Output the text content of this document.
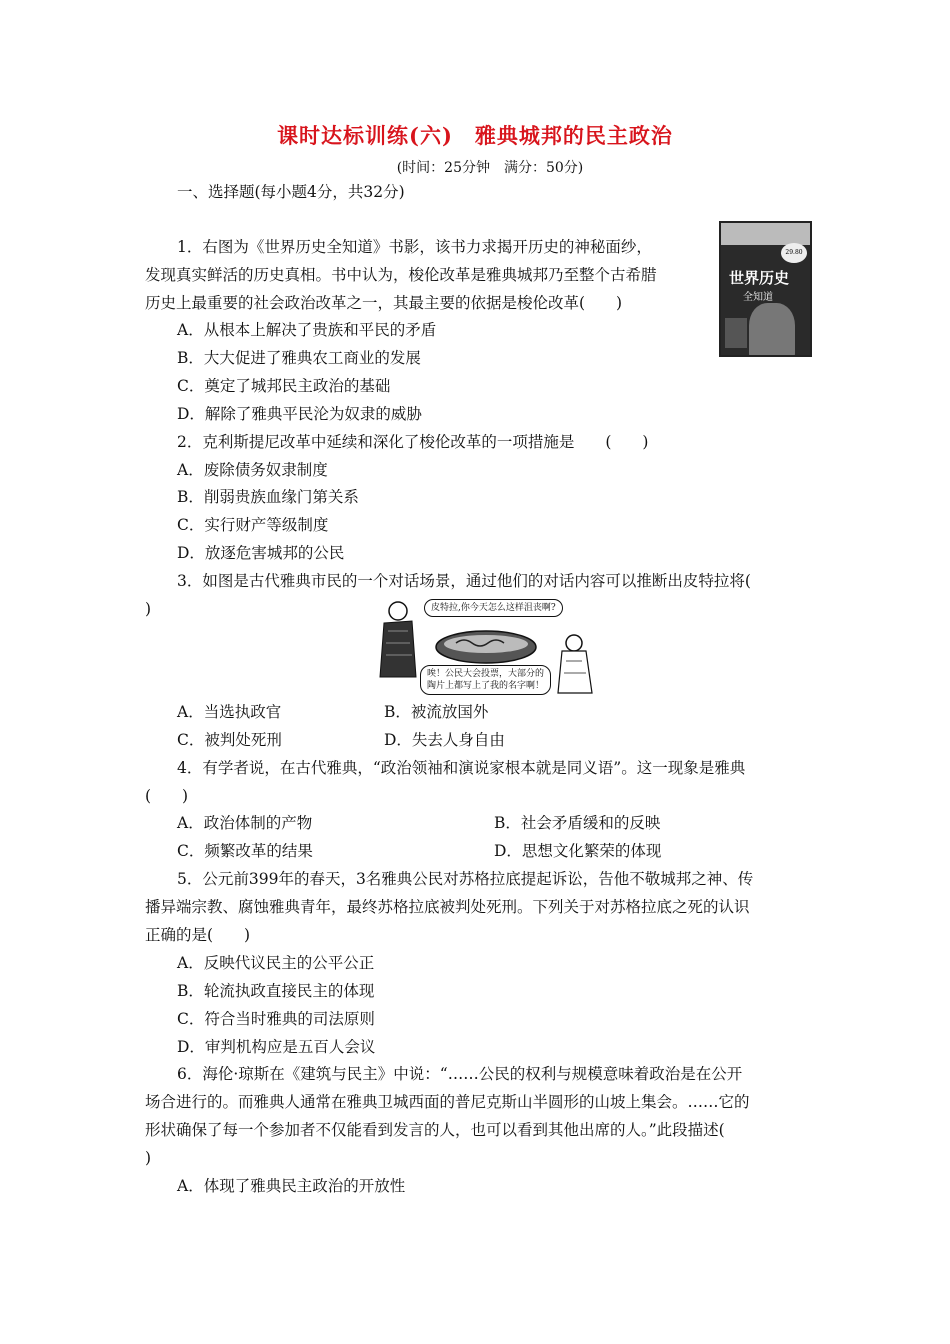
课时达标训练(六)　雅典城邦的民主政治
(时间：25分钟　满分：50分)
一、选择题(每小题4分，共32分)
1．右图为《世界历史全知道》书影，该书力求揭开历史的神秘面纱，
发现真实鲜活的历史真相。书中认为，梭伦改革是雅典城邦乃至整个古希腊
历史上最重要的社会政治改革之一，其最主要的依据是梭伦改革(　　)
A．从根本上解决了贵族和平民的矛盾
B．大大促进了雅典农工商业的发展
C．奠定了城邦民主政治的基础
D．解除了雅典平民沦为奴隶的威胁
29.80
世界历史
全知道
2．克利斯提尼改革中延续和深化了梭伦改革的一项措施是　　(　　)
A．废除债务奴隶制度
B．削弱贵族血缘门第关系
C．实行财产等级制度
D．放逐危害城邦的公民
3．如图是古代雅典市民的一个对话场景，通过他们的对话内容可以推断出皮特拉将(
)	皮特拉,你今天怎么这样沮丧啊?
唉！公民大会投票，大部分的
陶片上都写上了我的名字啊！
A．当选执政官	B．被流放国外
C．被判处死刑	D．失去人身自由
4．有学者说，在古代雅典，“政治领袖和演说家根本就是同义语”。这一现象是雅典
(　　)
A．政治体制的产物	B．社会矛盾缓和的反映
C．频繁改革的结果	D．思想文化繁荣的体现
5．公元前399年的春天，3名雅典公民对苏格拉底提起诉讼，告他不敬城邦之神、传
播异端宗教、腐蚀雅典青年，最终苏格拉底被判处死刑。下列关于对苏格拉底之死的认识
正确的是(　　)
A．反映代议民主的公平公正
B．轮流执政直接民主的体现
C．符合当时雅典的司法原则
D．审判机构应是五百人会议
6．海伦·琼斯在《建筑与民主》中说：“……公民的权利与规模意味着政治是在公开
场合进行的。而雅典人通常在雅典卫城西面的普尼克斯山半圆形的山坡上集会。……它的
形状确保了每一个参加者不仅能看到发言的人，也可以看到其他出席的人。”此段描述(
)
A．体现了雅典民主政治的开放性
